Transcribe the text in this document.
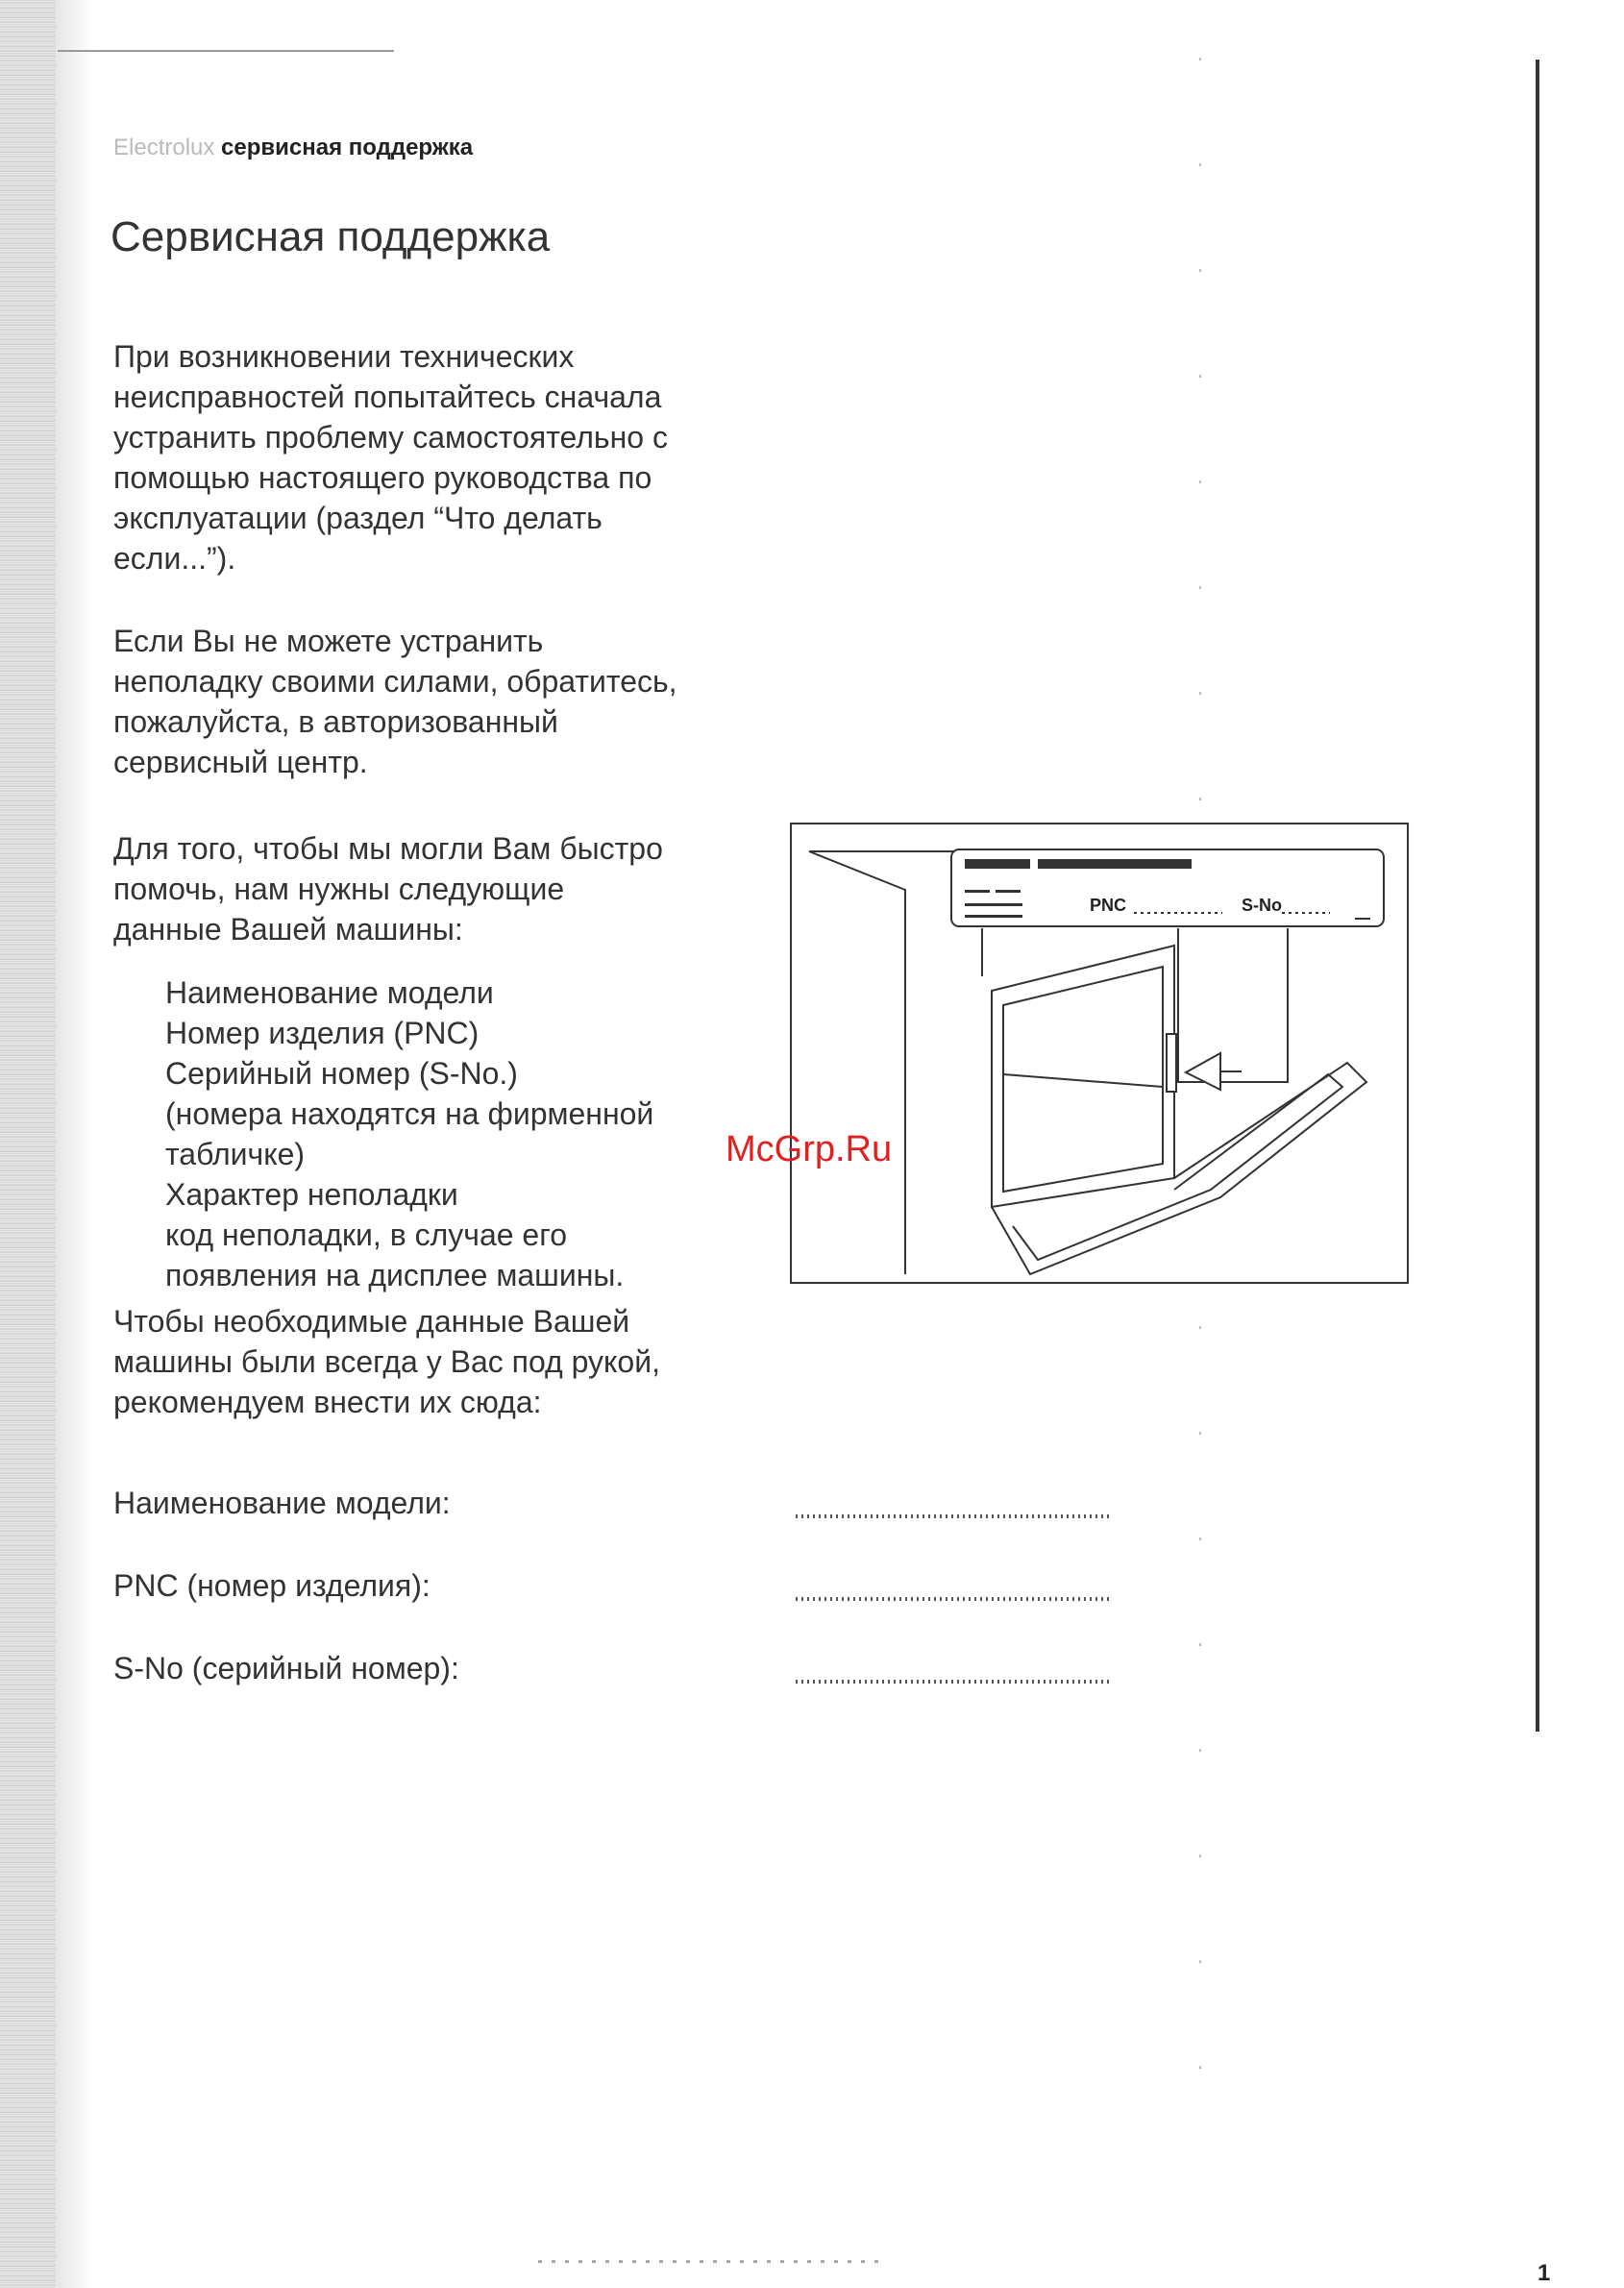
Electrolux сервисная поддержка
Сервисная поддержка
При возникновении технических
неисправностей попытайтесь сначала
устранить проблему самостоятельно с
помощью настоящего руководства по
эксплуатации (раздел “Что делать
если...”).
Если Вы не можете устранить
неполадку своими силами, обратитесь,
пожалуйста, в авторизованный
сервисный центр.
Для того, чтобы мы могли Вам быстро
помочь, нам нужны следующие
данные Вашей машины:
Наименование модели
Номер изделия (PNC)
Серийный номер (S-No.)
(номера находятся на фирменной
табличке)
Характер неполадки
код неполадки, в случае его
появления на дисплее машины.
Чтобы необходимые данные Вашей
машины были всегда у Вас под рукой,
рекомендуем внести их сюда:
Наименование модели:
PNC (номер изделия):
S-No (серийный номер):
PNC	S-No
McGrp.Ru
1
